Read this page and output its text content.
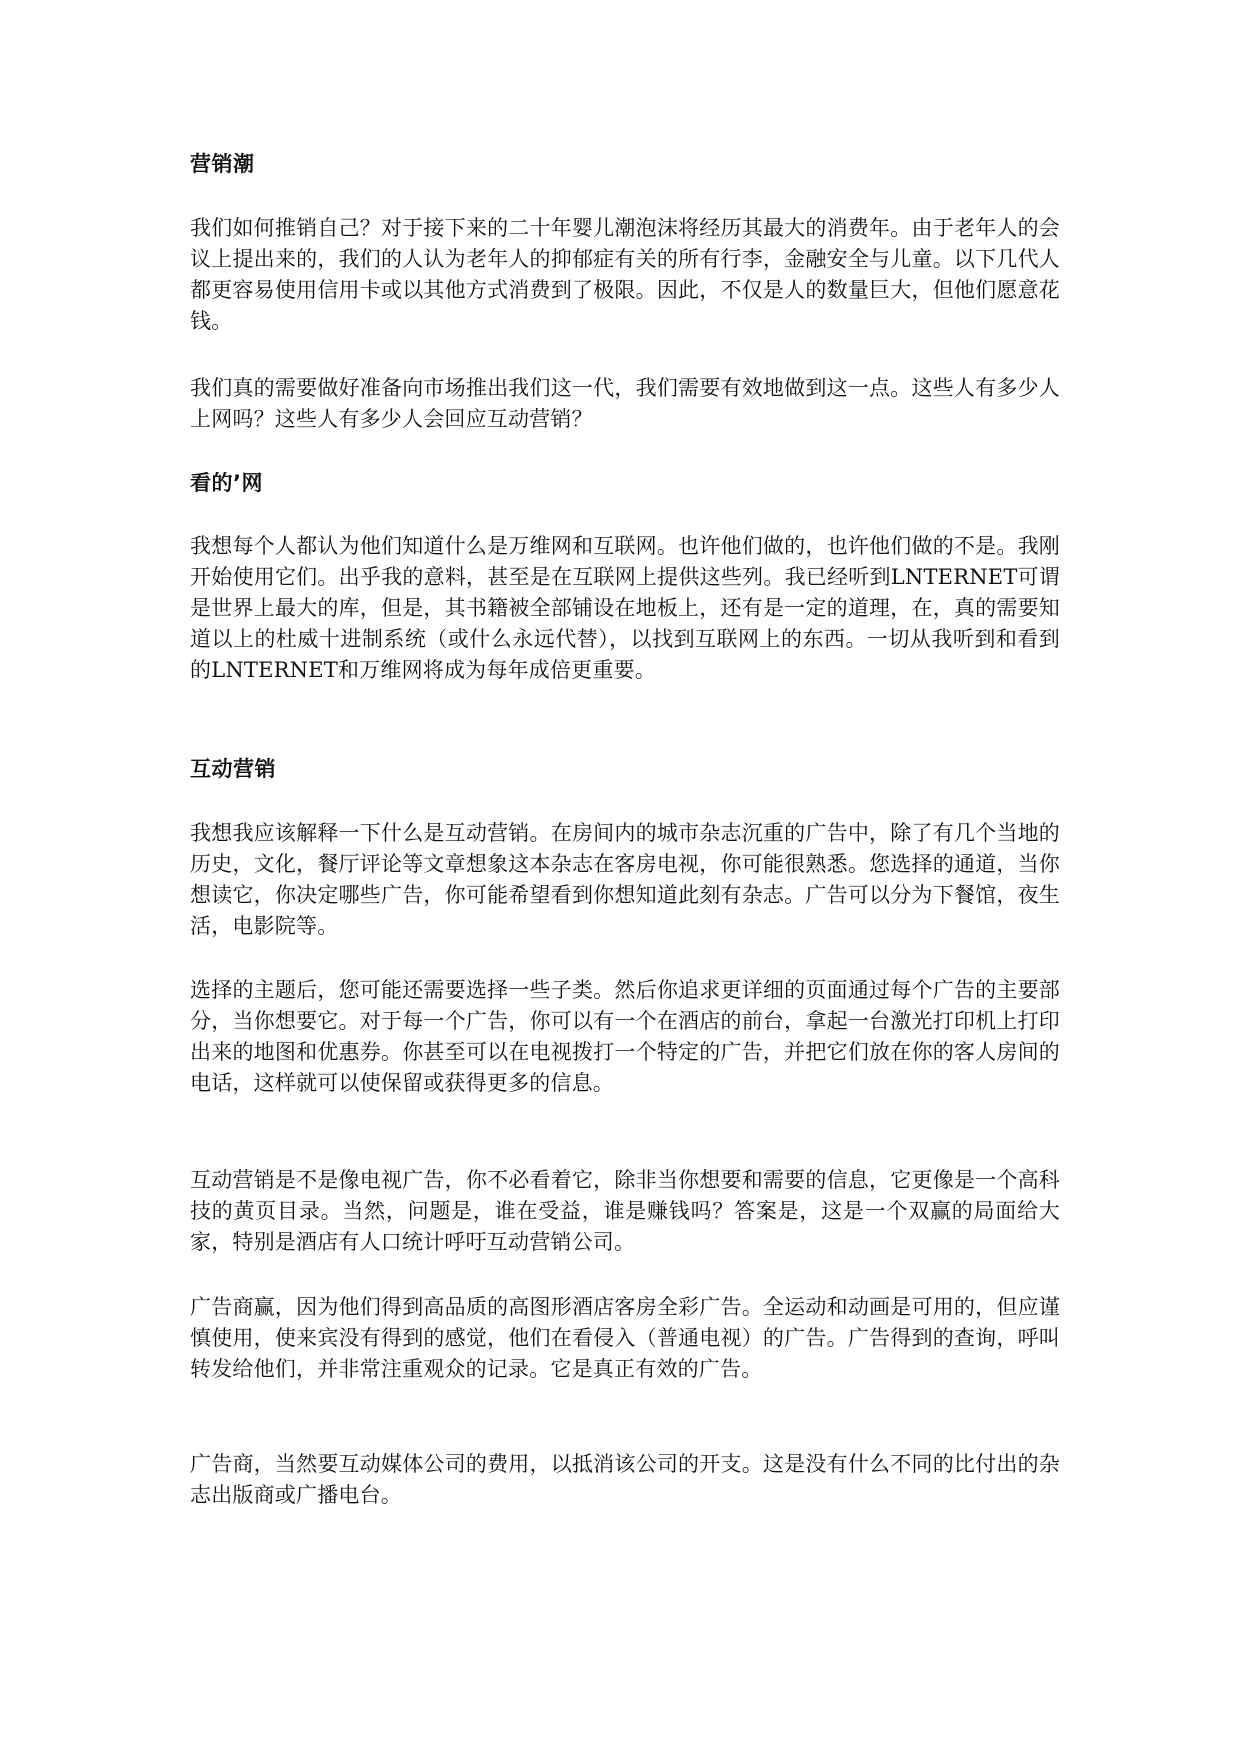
营销潮

我们如何推销自己？对于接下来的二十年婴儿潮泡沫将经历其最大的消费年。由于老年人的会议上提出来的，我们的人认为老年人的抑郁症有关的所有行李，金融安全与儿童。以下几代人都更容易使用信用卡或以其他方式消费到了极限。因此，不仅是人的数量巨大，但他们愿意花钱。

我们真的需要做好准备向市场推出我们这一代，我们需要有效地做到这一点。这些人有多少人上网吗？这些人有多少人会回应互动营销？

看的’网

我想每个人都认为他们知道什么是万维网和互联网。也许他们做的，也许他们做的不是。我刚开始使用它们。出乎我的意料，甚至是在互联网上提供这些列。我已经听到LNTERNET可谓是世界上最大的库，但是，其书籍被全部铺设在地板上，还有是一定的道理，在，真的需要知道以上的杜威十进制系统（或什么永远代替），以找到互联网上的东西。一切从我听到和看到的LNTERNET和万维网将成为每年成倍更重要。

互动营销

我想我应该解释一下什么是互动营销。在房间内的城市杂志沉重的广告中，除了有几个当地的历史，文化，餐厅评论等文章想象这本杂志在客房电视，你可能很熟悉。您选择的通道，当你想读它，你决定哪些广告，你可能希望看到你想知道此刻有杂志。广告可以分为下餐馆，夜生活，电影院等。

选择的主题后，您可能还需要选择一些子类。然后你追求更详细的页面通过每个广告的主要部分，当你想要它。对于每一个广告，你可以有一个在酒店的前台，拿起一台激光打印机上打印出来的地图和优惠券。你甚至可以在电视拨打一个特定的广告，并把它们放在你的客人房间的电话，这样就可以使保留或获得更多的信息。

互动营销是不是像电视广告，你不必看着它，除非当你想要和需要的信息，它更像是一个高科技的黄页目录。当然，问题是，谁在受益，谁是赚钱吗？答案是，这是一个双赢的局面给大家，特别是酒店有人口统计呼吁互动营销公司。

广告商赢，因为他们得到高品质的高图形酒店客房全彩广告。全运动和动画是可用的，但应谨慎使用，使来宾没有得到的感觉，他们在看侵入（普通电视）的广告。广告得到的查询，呼叫转发给他们，并非常注重观众的记录。它是真正有效的广告。

广告商，当然要互动媒体公司的费用，以抵消该公司的开支。这是没有什么不同的比付出的杂志出版商或广播电台。
